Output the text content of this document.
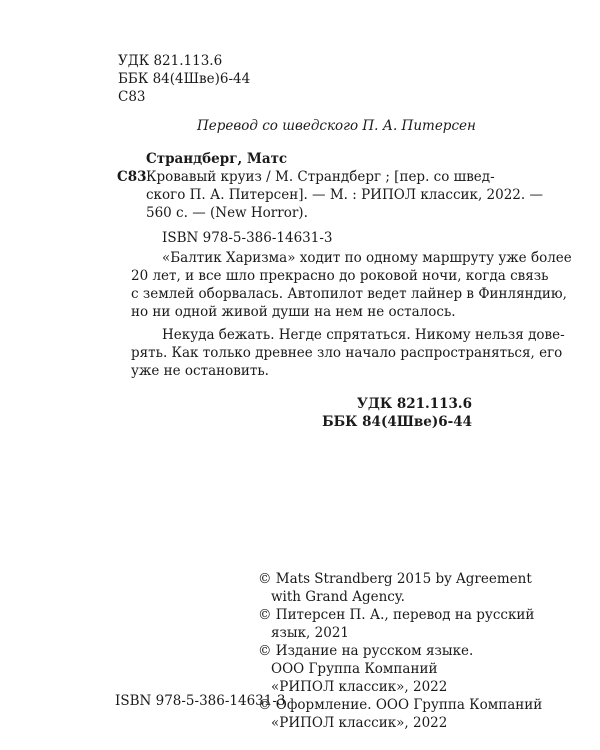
УДК 821.113.6
ББК 84(4Шве)6-44
С83
Перевод со шведского П. А. Питерсен
Страндберг, Матс
С83 Кровавый круиз / М. Страндберг ; [пер. со швед-
ского П. А. Питерсен]. — М. : РИПОЛ классик, 2022. —
560 с. — (New Horror).
ISBN 978-5-386-14631-3
«Балтик Харизма» ходит по одному маршруту уже более
20 лет, и все шло прекрасно до роковой ночи, когда связь
с землей оборвалась. Автопилот ведет лайнер в Финляндию,
но ни одной живой души на нем не осталось.
Некуда бежать. Негде спрятаться. Никому нельзя дове-
рять. Как только древнее зло начало распространяться, его
уже не остановить.
УДК 821.113.6
ББК 84(4Шве)6-44
© Mats Strandberg 2015 by Agreement
with Grand Agency.
© Питерсен П. А., перевод на русский
язык, 2021
© Издание на русском языке.
ООО Группа Компаний
«РИПОЛ классик», 2022
© Оформление. ООО Группа Компаний
«РИПОЛ классик», 2022
ISBN 978-5-386-14631-3
